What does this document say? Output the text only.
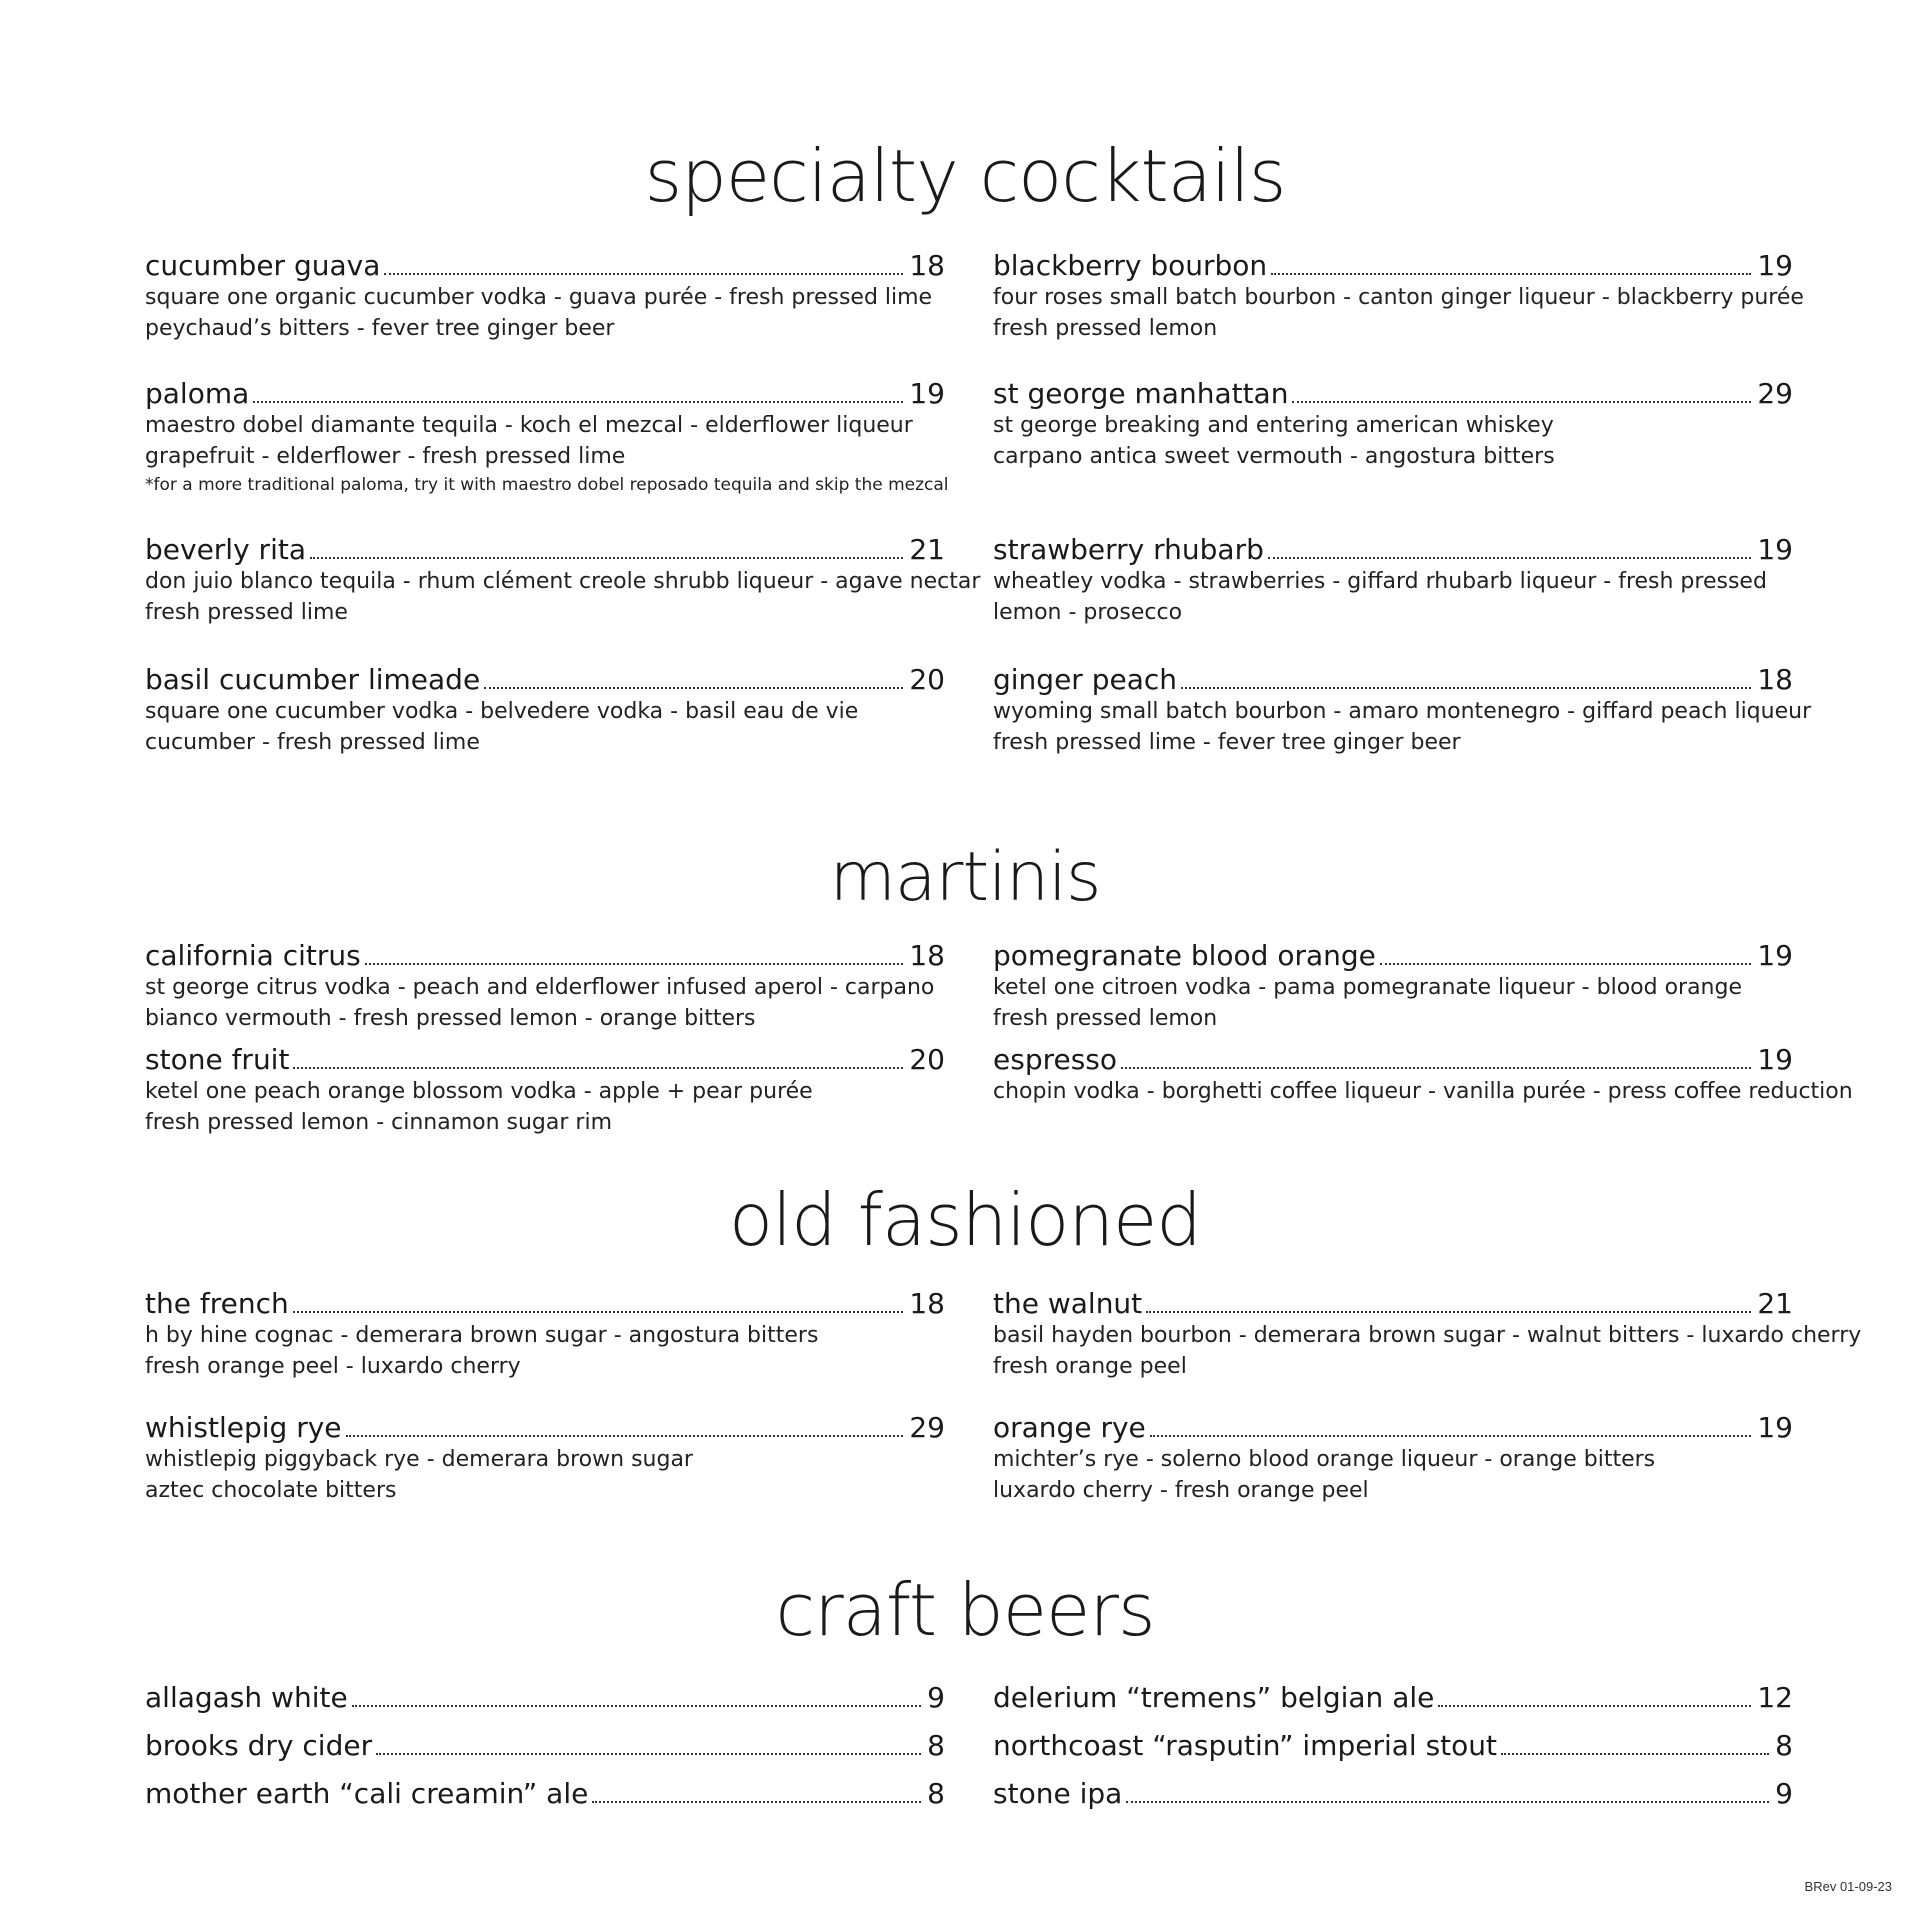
specialty cocktails
cucumber guava	18
square one organic cucumber vodka - guava purée - fresh pressed lime
peychaud’s bitters - fever tree ginger beer
blackberry bourbon	19
four roses small batch bourbon - canton ginger liqueur - blackberry purée
fresh pressed lemon
paloma	19
maestro dobel diamante tequila - koch el mezcal - elderflower liqueur
grapefruit - elderflower - fresh pressed lime
*for a more traditional paloma, try it with maestro dobel reposado tequila and skip the mezcal
st george manhattan	29
st george breaking and entering american whiskey
carpano antica sweet vermouth - angostura bitters
beverly rita	21
don juio blanco tequila - rhum clément creole shrubb liqueur - agave nectar
fresh pressed lime
strawberry rhubarb	19
wheatley vodka - strawberries - giffard rhubarb liqueur - fresh pressed
lemon - prosecco
basil cucumber limeade	20
square one cucumber vodka - belvedere vodka - basil eau de vie
cucumber - fresh pressed lime
ginger peach	18
wyoming small batch bourbon - amaro montenegro - giffard peach liqueur
fresh pressed lime - fever tree ginger beer
martinis
california citrus	18
st george citrus vodka - peach and elderflower infused aperol - carpano
bianco vermouth - fresh pressed lemon - orange bitters
pomegranate blood orange	19
ketel one citroen vodka - pama pomegranate liqueur - blood orange
fresh pressed lemon
stone fruit	20
ketel one peach orange blossom vodka - apple + pear purée
fresh pressed lemon - cinnamon sugar rim
espresso	19
chopin vodka - borghetti coffee liqueur - vanilla purée - press coffee reduction
old fashioned
the french	18
h by hine cognac - demerara brown sugar - angostura bitters
fresh orange peel - luxardo cherry
the walnut	21
basil hayden bourbon - demerara brown sugar - walnut bitters - luxardo cherry
fresh orange peel
whistlepig rye	29
whistlepig piggyback rye - demerara brown sugar
aztec chocolate bitters
orange rye	19
michter’s rye - solerno blood orange liqueur - orange bitters
luxardo cherry - fresh orange peel
craft beers
allagash white	9 delerium “tremens” belgian ale	12
brooks dry cider	8 northcoast “rasputin” imperial stout	8
mother earth “cali creamin” ale	8 stone ipa	9
BRev 01-09-23
